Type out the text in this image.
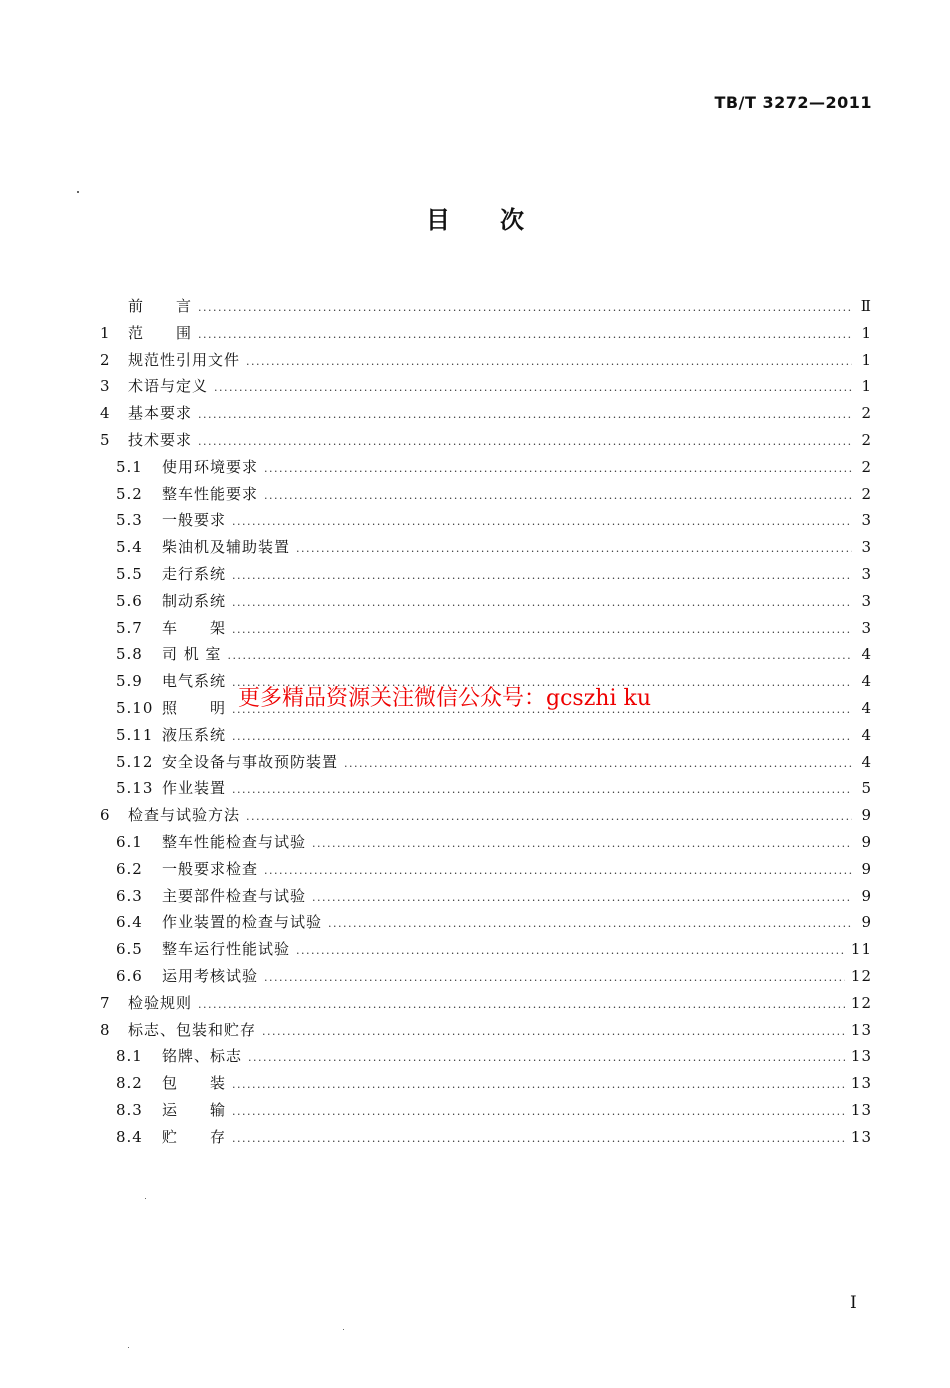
TB/T 3272—2011
目次
前　　言 .....	Ⅱ
1	范　　围 .....	1
2	规范性引用文件 .....	1
3	术语与定义 .....	1
4	基本要求 .....	2
5	技术要求 .....	2
5.1	使用环境要求 .....	2
5.2	整车性能要求 .....	2
5.3	一般要求 .....	3
5.4	柴油机及辅助装置 .....	3
5.5	走行系统 .....	3
5.6	制动系统 .....	3
5.7	车　　架 .....	3
5.8	司 机 室 .....	4
5.9	电气系统 .....	4
5.10 照　　明 .....	4
5.11 液压系统 .....	4
5.12 安全设备与事故预防装置 .....	4
5.13 作业装置 .....	5
6	检查与试验方法 .....	9
6.1	整车性能检查与试验 .....	9
6.2	一般要求检查 .....	9
6.3	主要部件检查与试验 .....	9
6.4	作业装置的检查与试验 .....	9
6.5	整车运行性能试验 .....	11
6.6	运用考核试验 .....	12
7	检验规则 .....	12
8	标志、包装和贮存 .....	13
8.1	铭牌、标志 .....	13
8.2	包　　装 .....	13
8.3	运　　输 .....	13
8.4	贮　　存 .....	13
更多精品资源关注微信公众号：gcszhi ku
I
